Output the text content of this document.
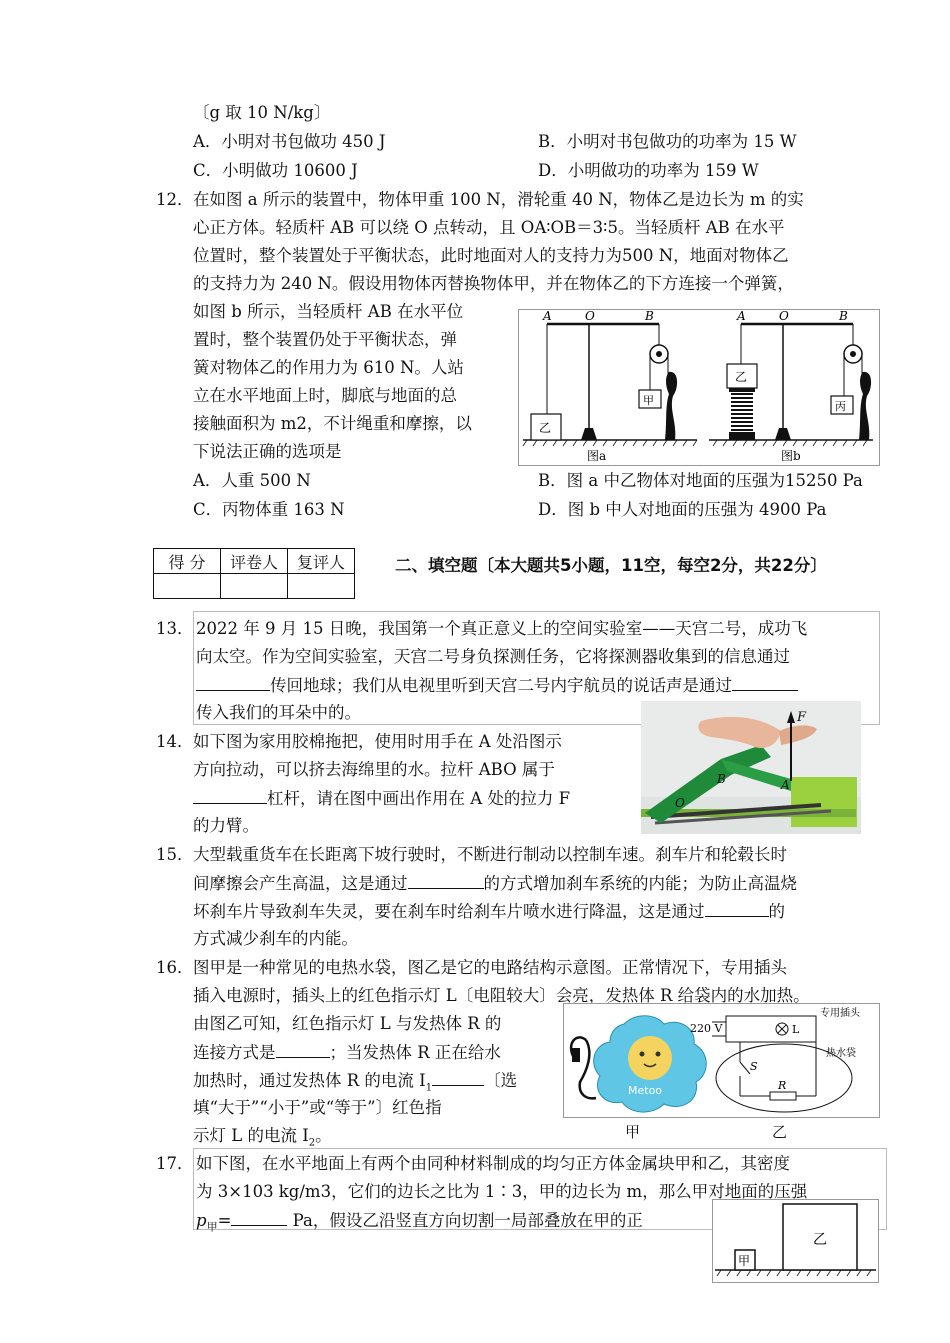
〔g 取 10 N/kg〕
A．小明对书包做功 450 J	B．小明对书包做功的功率为 15 W
C．小明做功 10600 J	D．小明做功的功率为 159 W
12． 在如图 a 所示的装置中，物体甲重 100 N，滑轮重 40 N，物体乙是边长为 m 的实
心正方体。轻质杆 AB 可以绕 O 点转动，且 OA∶OB＝3∶5。当轻质杆 AB 在水平
位置时，整个装置处于平衡状态，此时地面对人的支持力为500 N，地面对物体乙
的支持力为 240 N。假设用物体丙替换物体甲，并在物体乙的下方连接一个弹簧，
如图 b 所示，当轻质杆 AB 在水平位
置时，整个装置仍处于平衡状态，弹
簧对物体乙的作用力为 610 N。人站
立在水平地面上时，脚底与地面的总
接触面积为 m2，不计绳重和摩擦，以
下说法正确的选项是
A	O	B
乙
甲
图a
A	O	B
乙
丙
图b
A．人重 500 N	B．图 a 中乙物体对地面的压强为15250 Pa
C．丙物体重 163 N	D．图 b 中人对地面的压强为 4900 Pa
得 分	评卷人	复评人
			二、填空题〔本大题共5小题，11空，每空2分，共22分〕
13． 2022 年 9 月 15 日晚，我国第一个真正意义上的空间实验室——天宫二号，成功飞
向太空。作为空间实验室，天宫二号身负探测任务，它将探测器收集到的信息通过
传回地球；我们从电视里听到天宫二号内宇航员的说话声是通过
传入我们的耳朵中的。
14． 如下图为家用胶棉拖把，使用时用手在 A 处沿图示
方向拉动，可以挤去海绵里的水。拉杆 ABO 属于
杠杆，请在图中画出作用在 A 处的拉力 F
的力臂。
F
A
B
O
15． 大型载重货车在长距离下坡行驶时，不断进行制动以控制车速。刹车片和轮毂长时
间摩擦会产生高温，这是通过	的方式增加刹车系统的内能；为防止高温烧
坏刹车片导致刹车失灵，要在刹车时给刹车片喷水进行降温，这是通过	的
方式减少刹车的内能。
16． 图甲是一种常见的电热水袋，图乙是它的电路结构示意图。正常情况下，专用插头
插入电源时，插头上的红色指示灯 L〔电阻较大〕会亮，发热体 R 给袋内的水加热。
由图乙可知，红色指示灯 L 与发热体 R 的
连接方式是	；当发热体 R 正在给水
加热时，通过发热体 R 的电流 $I_1$	〔选
填“大于”“小于”或“等于”〕红色指
示灯 L 的电流 $I_2$。
Metoo
220 V
专用插头
L
热水袋
S
R
甲	乙
17． 如下图，在水平地面上有两个由同种材料制成的均匀正方体金属块甲和乙，其密度
为 3×103 kg/m3，它们的边长之比为 1∶3，甲的边长为 m，那么甲对地面的压强
$p_甲=$	Pa，假设乙沿竖直方向切割一局部叠放在甲的正
甲
乙
